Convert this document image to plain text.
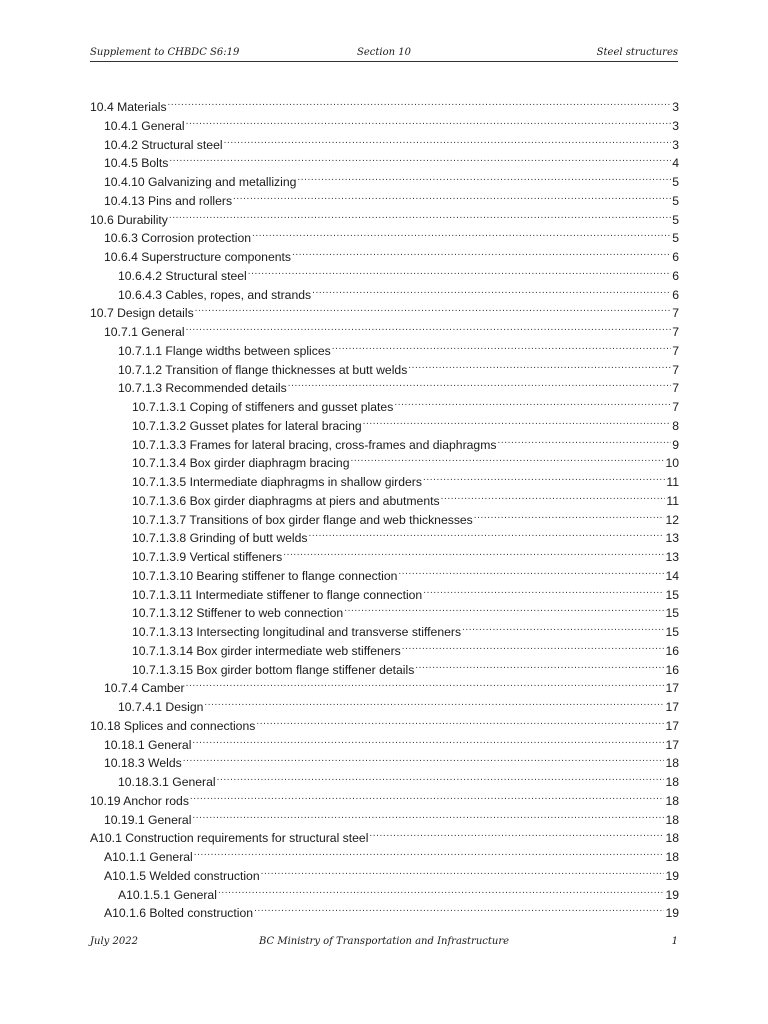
Supplement to CHBDC S6:19	Section 10	Steel structures
10.4 Materials .....	3
10.4.1 General .....	3
10.4.2 Structural steel .....	3
10.4.5 Bolts .....	4
10.4.10 Galvanizing and metallizing .....	5
10.4.13 Pins and rollers .....	5
10.6 Durability .....	5
10.6.3 Corrosion protection .....	5
10.6.4 Superstructure components .....	6
10.6.4.2 Structural steel .....	6
10.6.4.3 Cables, ropes, and strands .....	6
10.7 Design details .....	7
10.7.1 General .....	7
10.7.1.1 Flange widths between splices .....	7
10.7.1.2 Transition of flange thicknesses at butt welds .....	7
10.7.1.3 Recommended details .....	7
10.7.1.3.1 Coping of stiffeners and gusset plates .....	7
10.7.1.3.2 Gusset plates for lateral bracing .....	8
10.7.1.3.3 Frames for lateral bracing, cross-frames and diaphragms .....	9
10.7.1.3.4 Box girder diaphragm bracing .....	10
10.7.1.3.5 Intermediate diaphragms in shallow girders .....	11
10.7.1.3.6 Box girder diaphragms at piers and abutments .....	11
10.7.1.3.7 Transitions of box girder flange and web thicknesses .....	12
10.7.1.3.8 Grinding of butt welds .....	13
10.7.1.3.9 Vertical stiffeners .....	13
10.7.1.3.10 Bearing stiffener to flange connection .....	14
10.7.1.3.11 Intermediate stiffener to flange connection .....	15
10.7.1.3.12 Stiffener to web connection .....	15
10.7.1.3.13 Intersecting longitudinal and transverse stiffeners .....	15
10.7.1.3.14 Box girder intermediate web stiffeners .....	16
10.7.1.3.15 Box girder bottom flange stiffener details .....	16
10.7.4 Camber .....	17
10.7.4.1 Design .....	17
10.18 Splices and connections .....	17
10.18.1 General .....	17
10.18.3 Welds .....	18
10.18.3.1 General .....	18
10.19 Anchor rods .....	18
10.19.1 General .....	18
A10.1 Construction requirements for structural steel .....	18
A10.1.1 General .....	18
A10.1.5 Welded construction .....	19
A10.1.5.1 General .....	19
A10.1.6 Bolted construction .....	19
July 2022	BC Ministry of Transportation and Infrastructure	1
